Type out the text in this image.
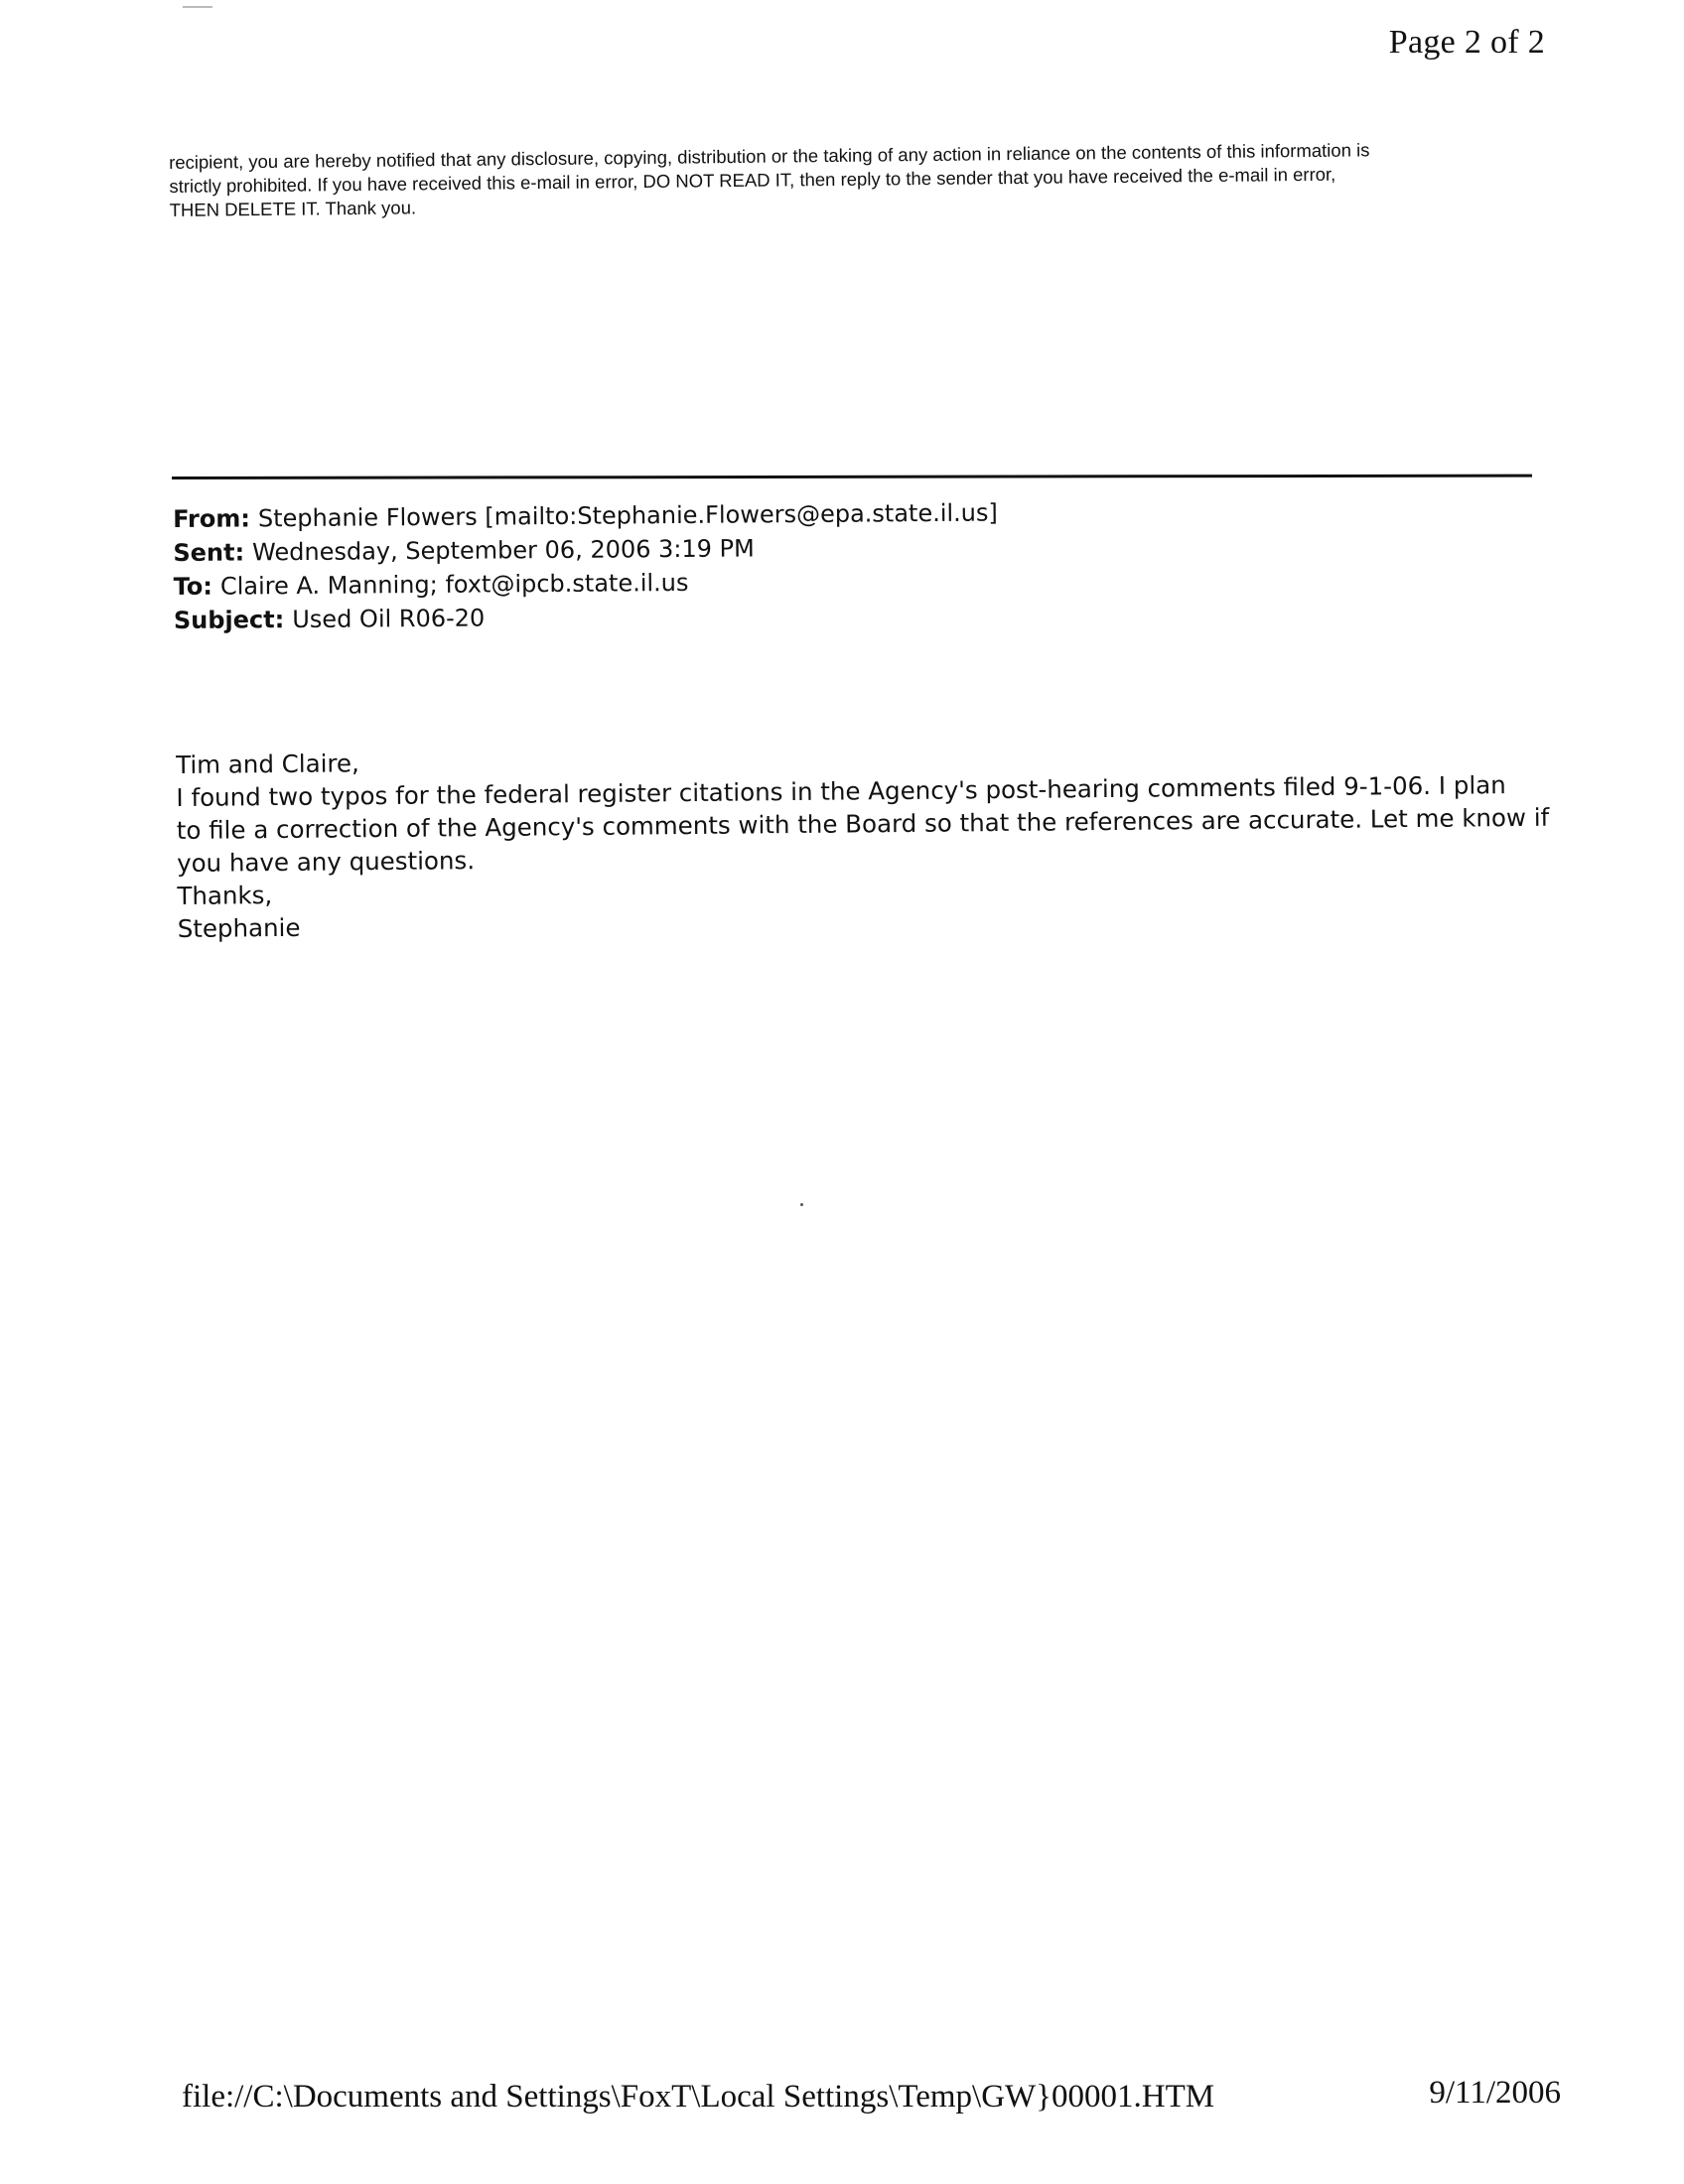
Page 2 of 2

recipient, you are hereby notified that any disclosure, copying, distribution or the taking of any action in reliance on the contents of this information is

strictly prohibited. If you have received this e-mail in error, DO NOT READ IT, then reply to the sender that you have received the e-mail in error,

THEN DELETE IT. Thank you.

From: Stephanie Flowers [mailto:Stephanie.Flowers@epa.state.il.us]
Sent: Wednesday, September 06, 2006 3:19 PM
To: Claire A. Manning; foxt@ipcb.state.il.us
Subject: Used Oil R06-20
Tim and Claire,
I found two typos for the federal register citations in the Agency's post-hearing comments filed 9-1-06. I plan
to file a correction of the Agency's comments with the Board so that the references are accurate. Let me know if
you have any questions.
Thanks,
Stephanie
file://C:\Documents and Settings\FoxT\Local Settings\Temp\GW}00001.HTM	9/11/2006
